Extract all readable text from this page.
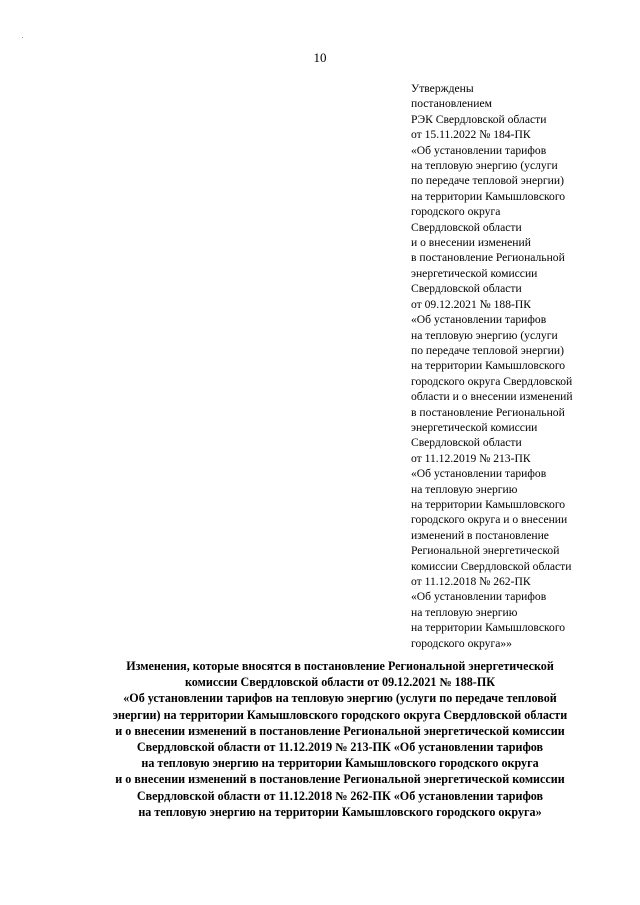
10
Утверждены
постановлением
РЭК Свердловской области
от 15.11.2022 № 184-ПК
«Об установлении тарифов
на тепловую энергию (услуги
по передаче тепловой энергии)
на территории Камышловского
городского округа
Свердловской области
и о внесении изменений
в постановление Региональной
энергетической комиссии
Свердловской области
от 09.12.2021 № 188-ПК
«Об установлении тарифов
на тепловую энергию (услуги
по передаче тепловой энергии)
на территории Камышловского
городского округа Свердловской
области и о внесении изменений
в постановление Региональной
энергетической комиссии
Свердловской области
от 11.12.2019 № 213-ПК
«Об установлении тарифов
на тепловую энергию
на территории Камышловского
городского округа и о внесении
изменений в постановление
Региональной энергетической
комиссии Свердловской области
от 11.12.2018 № 262-ПК
«Об установлении тарифов
на тепловую энергию
на территории Камышловского
городского округа»»
Изменения, которые вносятся в постановление Региональной энергетической
комиссии Свердловской области от 09.12.2021 № 188-ПК
«Об установлении тарифов на тепловую энергию (услуги по передаче тепловой
энергии) на территории Камышловского городского округа Свердловской области
и о внесении изменений в постановление Региональной энергетической комиссии
Свердловской области от 11.12.2019 № 213-ПК «Об установлении тарифов
на тепловую энергию на территории Камышловского городского округа
и о внесении изменений в постановление Региональной энергетической комиссии
Свердловской области от 11.12.2018 № 262-ПК «Об установлении тарифов
на тепловую энергию на территории Камышловского городского округа»
